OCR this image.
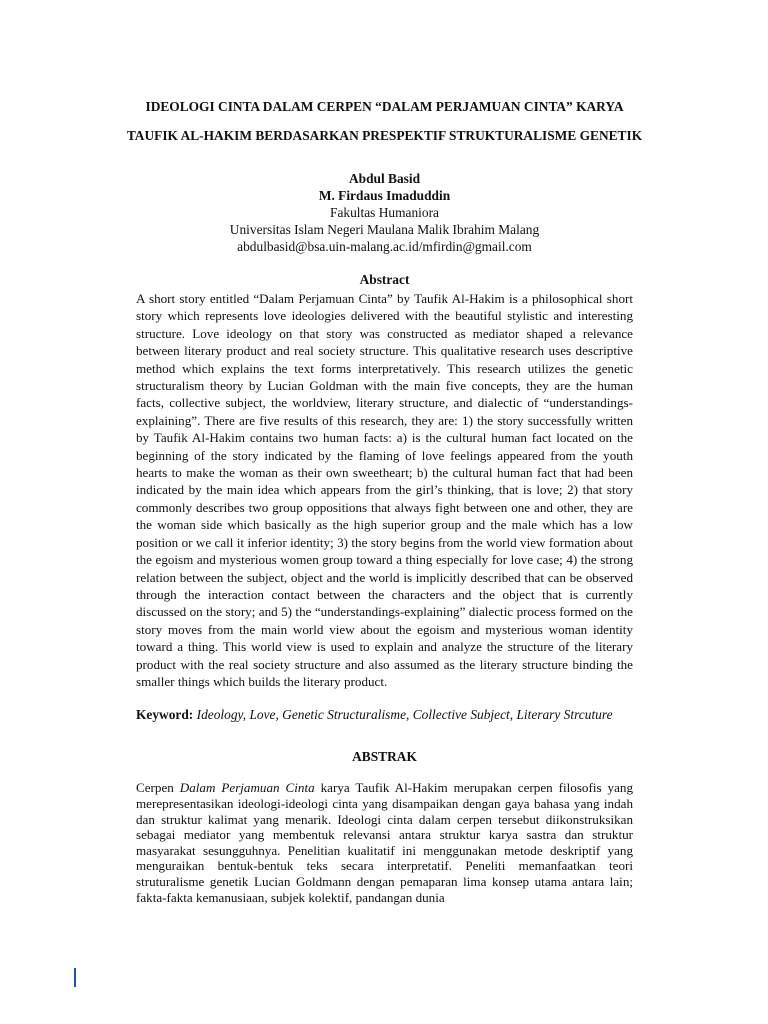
IDEOLOGI CINTA DALAM CERPEN “DALAM PERJAMUAN CINTA” KARYA
TAUFIK AL-HAKIM BERDASARKAN PRESPEKTIF STRUKTURALISME GENETIK
Abdul Basid
M. Firdaus Imaduddin
Fakultas Humaniora
Universitas Islam Negeri Maulana Malik Ibrahim Malang
abdulbasid@bsa.uin-malang.ac.id/mfirdin@gmail.com
Abstract
A short story entitled “Dalam Perjamuan Cinta” by Taufik Al-Hakim is a philosophical short story which represents love ideologies delivered with the beautiful stylistic and interesting structure. Love ideology on that story was constructed as mediator shaped a relevance between literary product and real society structure. This qualitative research uses descriptive method which explains the text forms interpretatively. This research utilizes the genetic structuralism theory by Lucian Goldman with the main five concepts, they are the human facts, collective subject, the worldview, literary structure, and dialectic of “understandings-explaining”. There are five results of this research, they are: 1) the story successfully written by Taufik Al-Hakim contains two human facts: a) is the cultural human fact located on the beginning of the story indicated by the flaming of love feelings appeared from the youth hearts to make the woman as their own sweetheart; b) the cultural human fact that had been indicated by the main idea which appears from the girl’s thinking, that is love; 2) that story commonly describes two group oppositions that always fight between one and other, they are the woman side which basically as the high superior group and the male which has a low position or we call it inferior identity; 3) the story begins from the world view formation about the egoism and mysterious women group toward a thing especially for love case; 4) the strong relation between the subject, object and the world is implicitly described that can be observed through the interaction contact between the characters and the object that is currently discussed on the story; and 5) the “understandings-explaining” dialectic process formed on the story moves from the main world view about the egoism and mysterious woman identity toward a thing. This world view is used to explain and analyze the structure of the literary product with the real society structure and also assumed as the literary structure binding the smaller things which builds the literary product.
Keyword: Ideology, Love, Genetic Structuralisme, Collective Subject, Literary Strcuture
ABSTRAK
Cerpen Dalam Perjamuan Cinta karya Taufik Al-Hakim merupakan cerpen filosofis yang merepresentasikan ideologi-ideologi cinta yang disampaikan dengan gaya bahasa yang indah dan struktur kalimat yang menarik. Ideologi cinta dalam cerpen tersebut diikonstruksikan sebagai mediator yang membentuk relevansi antara struktur karya sastra dan struktur masyarakat sesungguhnya. Penelitian kualitatif ini menggunakan metode deskriptif yang menguraikan bentuk-bentuk teks secara interpretatif. Peneliti memanfaatkan teori struturalisme genetik Lucian Goldmann dengan pemaparan lima konsep utama antara lain; fakta-fakta kemanusiaan, subjek kolektif, pandangan dunia
